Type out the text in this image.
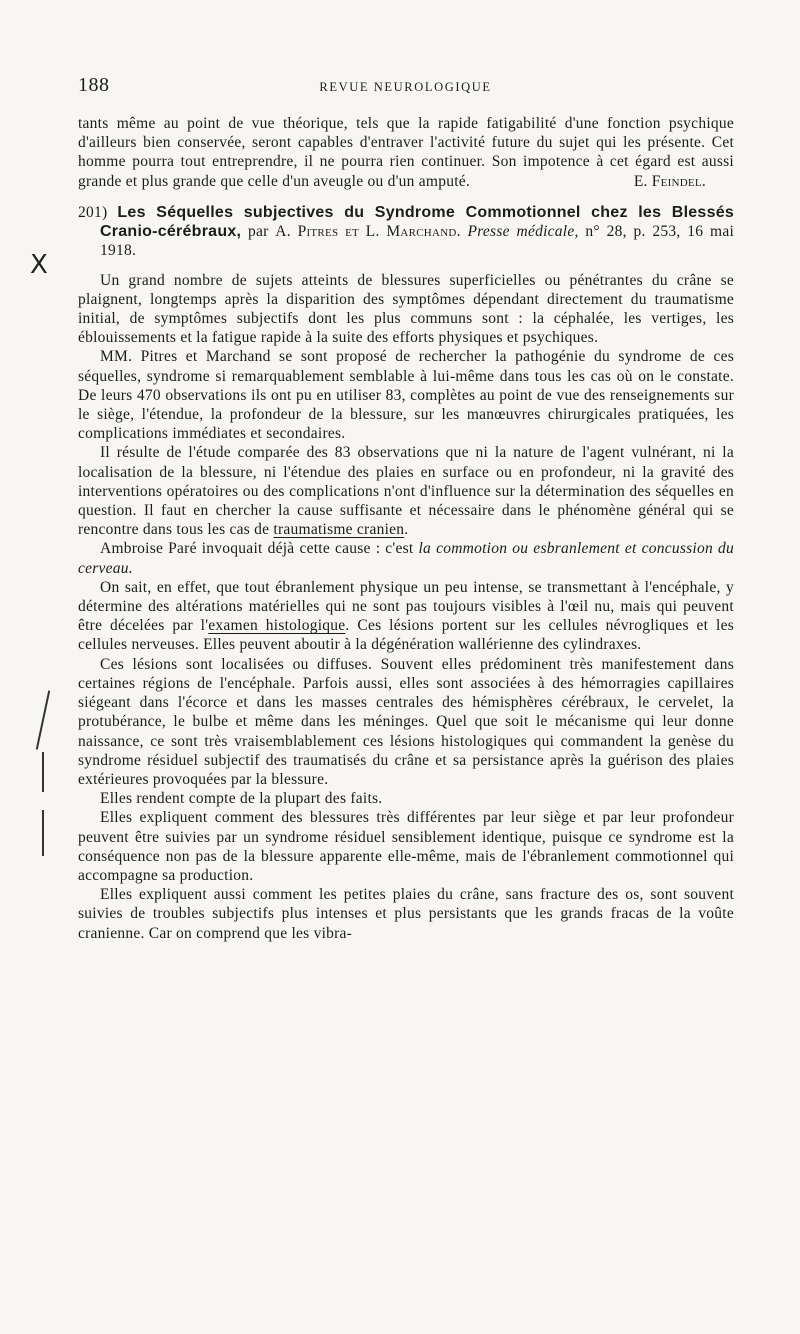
188	REVUE NEUROLOGIQUE
X

tants même au point de vue théorique, tels que la rapide fatigabilité d'une fonction psychique d'ailleurs bien conservée, seront capables d'entraver l'activité future du sujet qui les présente. Cet homme pourra tout entreprendre, il ne pourra rien continuer. Son impotence à cet égard est aussi grande et plus grande que celle d'un aveugle ou d'un amputé.	E. Feindel.

201) Les Séquelles subjectives du Syndrome Commotionnel chez les Blessés Cranio-cérébraux, par A. Pitres et L. Marchand. Presse médicale, n° 28, p. 253, 16 mai 1918.

Un grand nombre de sujets atteints de blessures superficielles ou pénétrantes du crâne se plaignent, longtemps après la disparition des symptômes dépendant directement du traumatisme initial, de symptômes subjectifs dont les plus communs sont : la céphalée, les vertiges, les éblouissements et la fatigue rapide à la suite des efforts physiques et psychiques.

MM. Pitres et Marchand se sont proposé de rechercher la pathogénie du syndrome de ces séquelles, syndrome si remarquablement semblable à lui-même dans tous les cas où on le constate. De leurs 470 observations ils ont pu en utiliser 83, complètes au point de vue des renseignements sur le siège, l'étendue, la profondeur de la blessure, sur les manœuvres chirurgicales pratiquées, les complications immédiates et secondaires.

Il résulte de l'étude comparée des 83 observations que ni la nature de l'agent vulnérant, ni la localisation de la blessure, ni l'étendue des plaies en surface ou en profondeur, ni la gravité des interventions opératoires ou des complications n'ont d'influence sur la détermination des séquelles en question. Il faut en chercher la cause suffisante et nécessaire dans le phénomène général qui se rencontre dans tous les cas de traumatisme cranien.

Ambroise Paré invoquait déjà cette cause : c'est la commotion ou esbranlement et concussion du cerveau.

On sait, en effet, que tout ébranlement physique un peu intense, se transmettant à l'encéphale, y détermine des altérations matérielles qui ne sont pas toujours visibles à l'œil nu, mais qui peuvent être décelées par l'examen histologique. Ces lésions portent sur les cellules névrogliques et les cellules nerveuses. Elles peuvent aboutir à la dégénération wallérienne des cylindraxes.

Ces lésions sont localisées ou diffuses. Souvent elles prédominent très manifestement dans certaines régions de l'encéphale. Parfois aussi, elles sont associées à des hémorragies capillaires siégeant dans l'écorce et dans les masses centrales des hémisphères cérébraux, le cervelet, la protubérance, le bulbe et même dans les méninges. Quel que soit le mécanisme qui leur donne naissance, ce sont très vraisemblablement ces lésions histologiques qui commandent la genèse du syndrome résiduel subjectif des traumatisés du crâne et sa persistance après la guérison des plaies extérieures provoquées par la blessure.

Elles rendent compte de la plupart des faits.

Elles expliquent comment des blessures très différentes par leur siège et par leur profondeur peuvent être suivies par un syndrome résiduel sensiblement identique, puisque ce syndrome est la conséquence non pas de la blessure apparente elle-même, mais de l'ébranlement commotionnel qui accompagne sa production.

Elles expliquent aussi comment les petites plaies du crâne, sans fracture des os, sont souvent suivies de troubles subjectifs plus intenses et plus persistants que les grands fracas de la voûte cranienne. Car on comprend que les vibra-
